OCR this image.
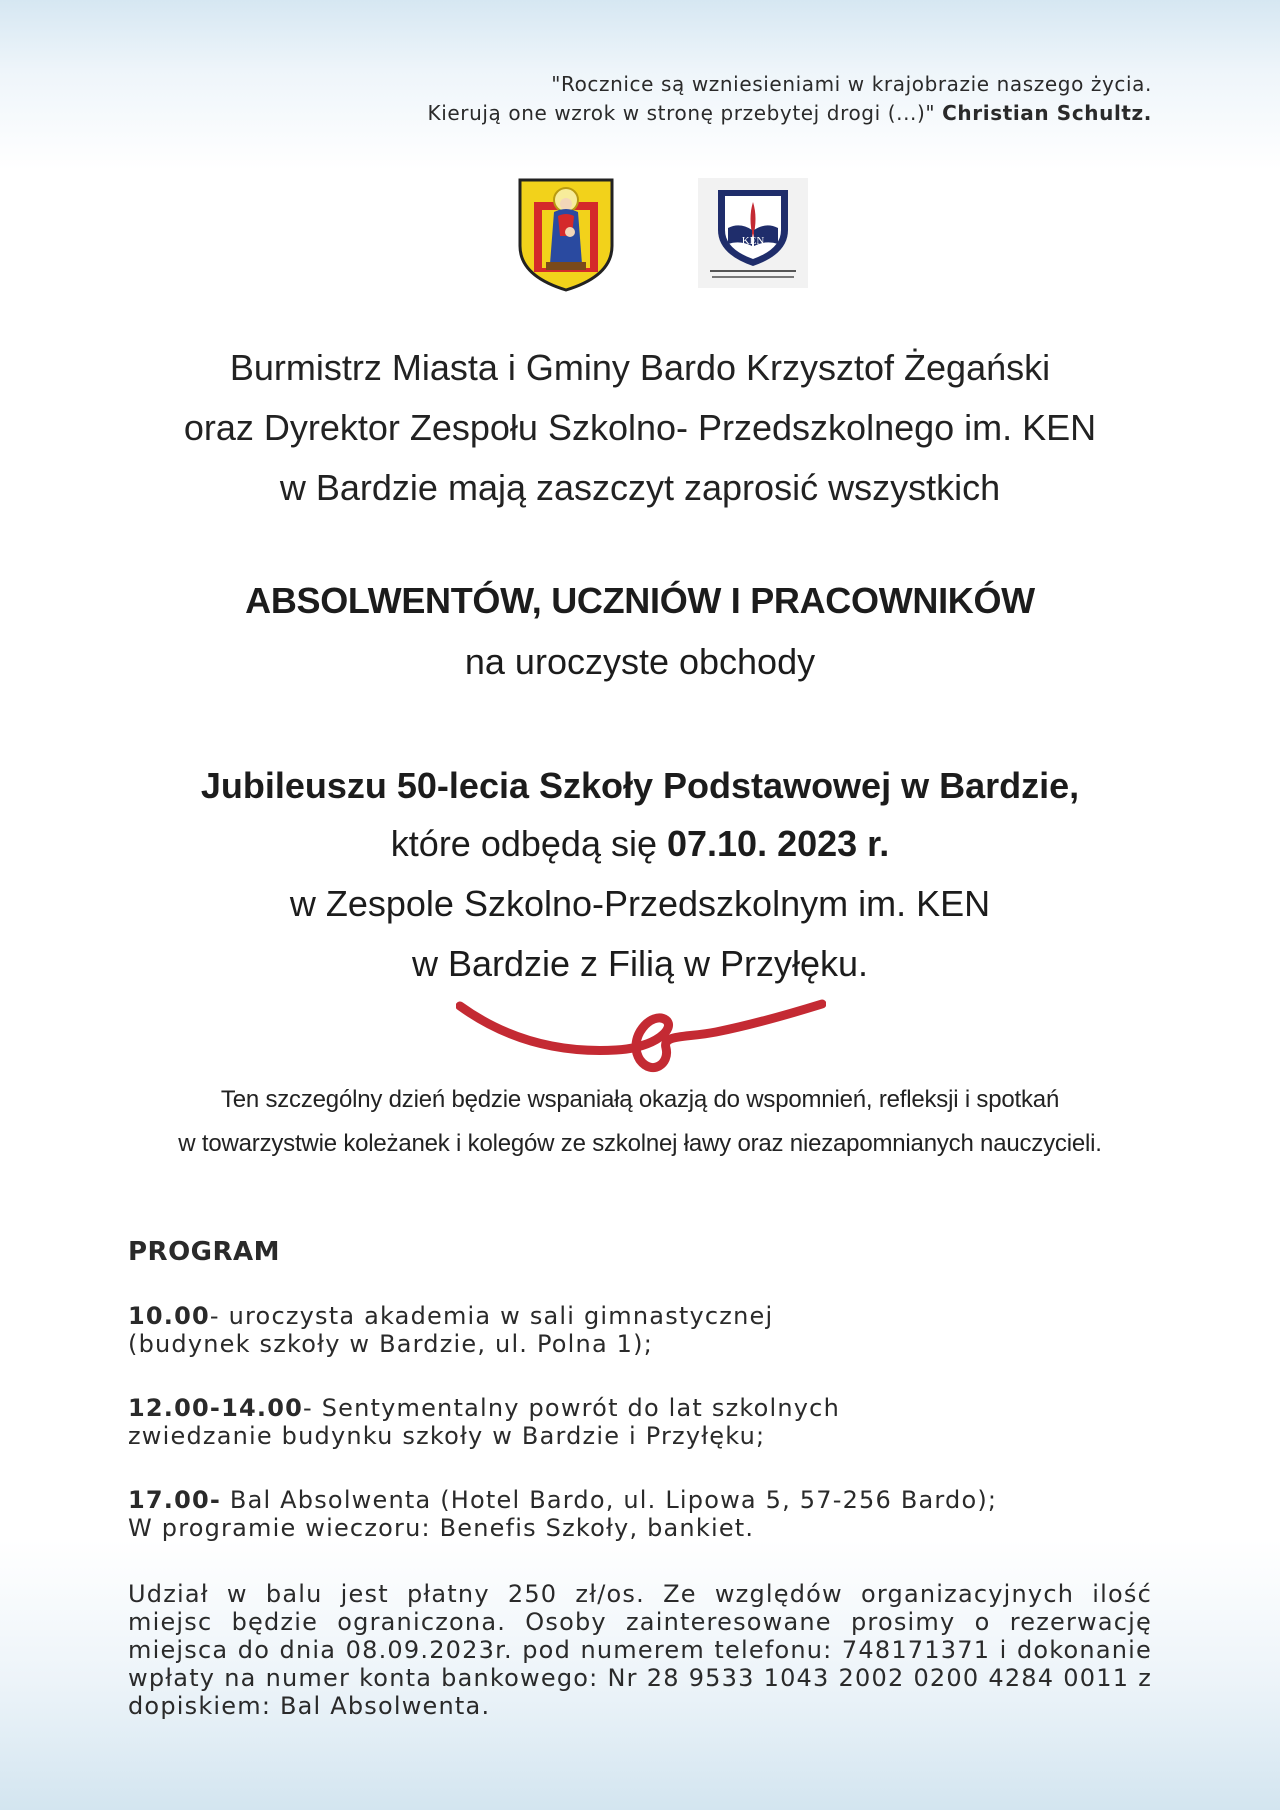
"Rocznice są wzniesieniami w krajobrazie naszego życia.
Kierują one wzrok w stronę przebytej drogi (...)" Christian Schultz.
KEN
Burmistrz Miasta i Gminy Bardo Krzysztof Żegański
oraz Dyrektor Zespołu Szkolno- Przedszkolnego im. KEN
w Bardzie mają zaszczyt zaprosić wszystkich
ABSOLWENTÓW, UCZNIÓW I PRACOWNIKÓW
na uroczyste obchody
Jubileuszu 50-lecia Szkoły Podstawowej w Bardzie,
które odbędą się 07.10. 2023 r.
w Zespole Szkolno-Przedszkolnym im. KEN
w Bardzie z Filią w Przyłęku.
Ten szczególny dzień będzie wspaniałą okazją do wspomnień, refleksji i spotkań
w towarzystwie koleżanek i kolegów ze szkolnej ławy oraz niezapomnianych nauczycieli.
PROGRAM
10.00- uroczysta akademia w sali gimnastycznej
(budynek szkoły w Bardzie, ul. Polna 1);
12.00-14.00- Sentymentalny powrót do lat szkolnych
zwiedzanie budynku szkoły w Bardzie i Przyłęku;
17.00- Bal Absolwenta (Hotel Bardo, ul. Lipowa 5, 57-256 Bardo);
W programie wieczoru: Benefis Szkoły, bankiet.
Udział w balu jest płatny 250 zł/os. Ze względów organizacyjnych ilość miejsc będzie ograniczona. Osoby zainteresowane prosimy o rezerwację miejsca do dnia 08.09.2023r. pod numerem telefonu: 748171371 i dokonanie wpłaty na numer konta bankowego: Nr 28 9533 1043 2002 0200 4284 0011 z dopiskiem: Bal Absolwenta.
